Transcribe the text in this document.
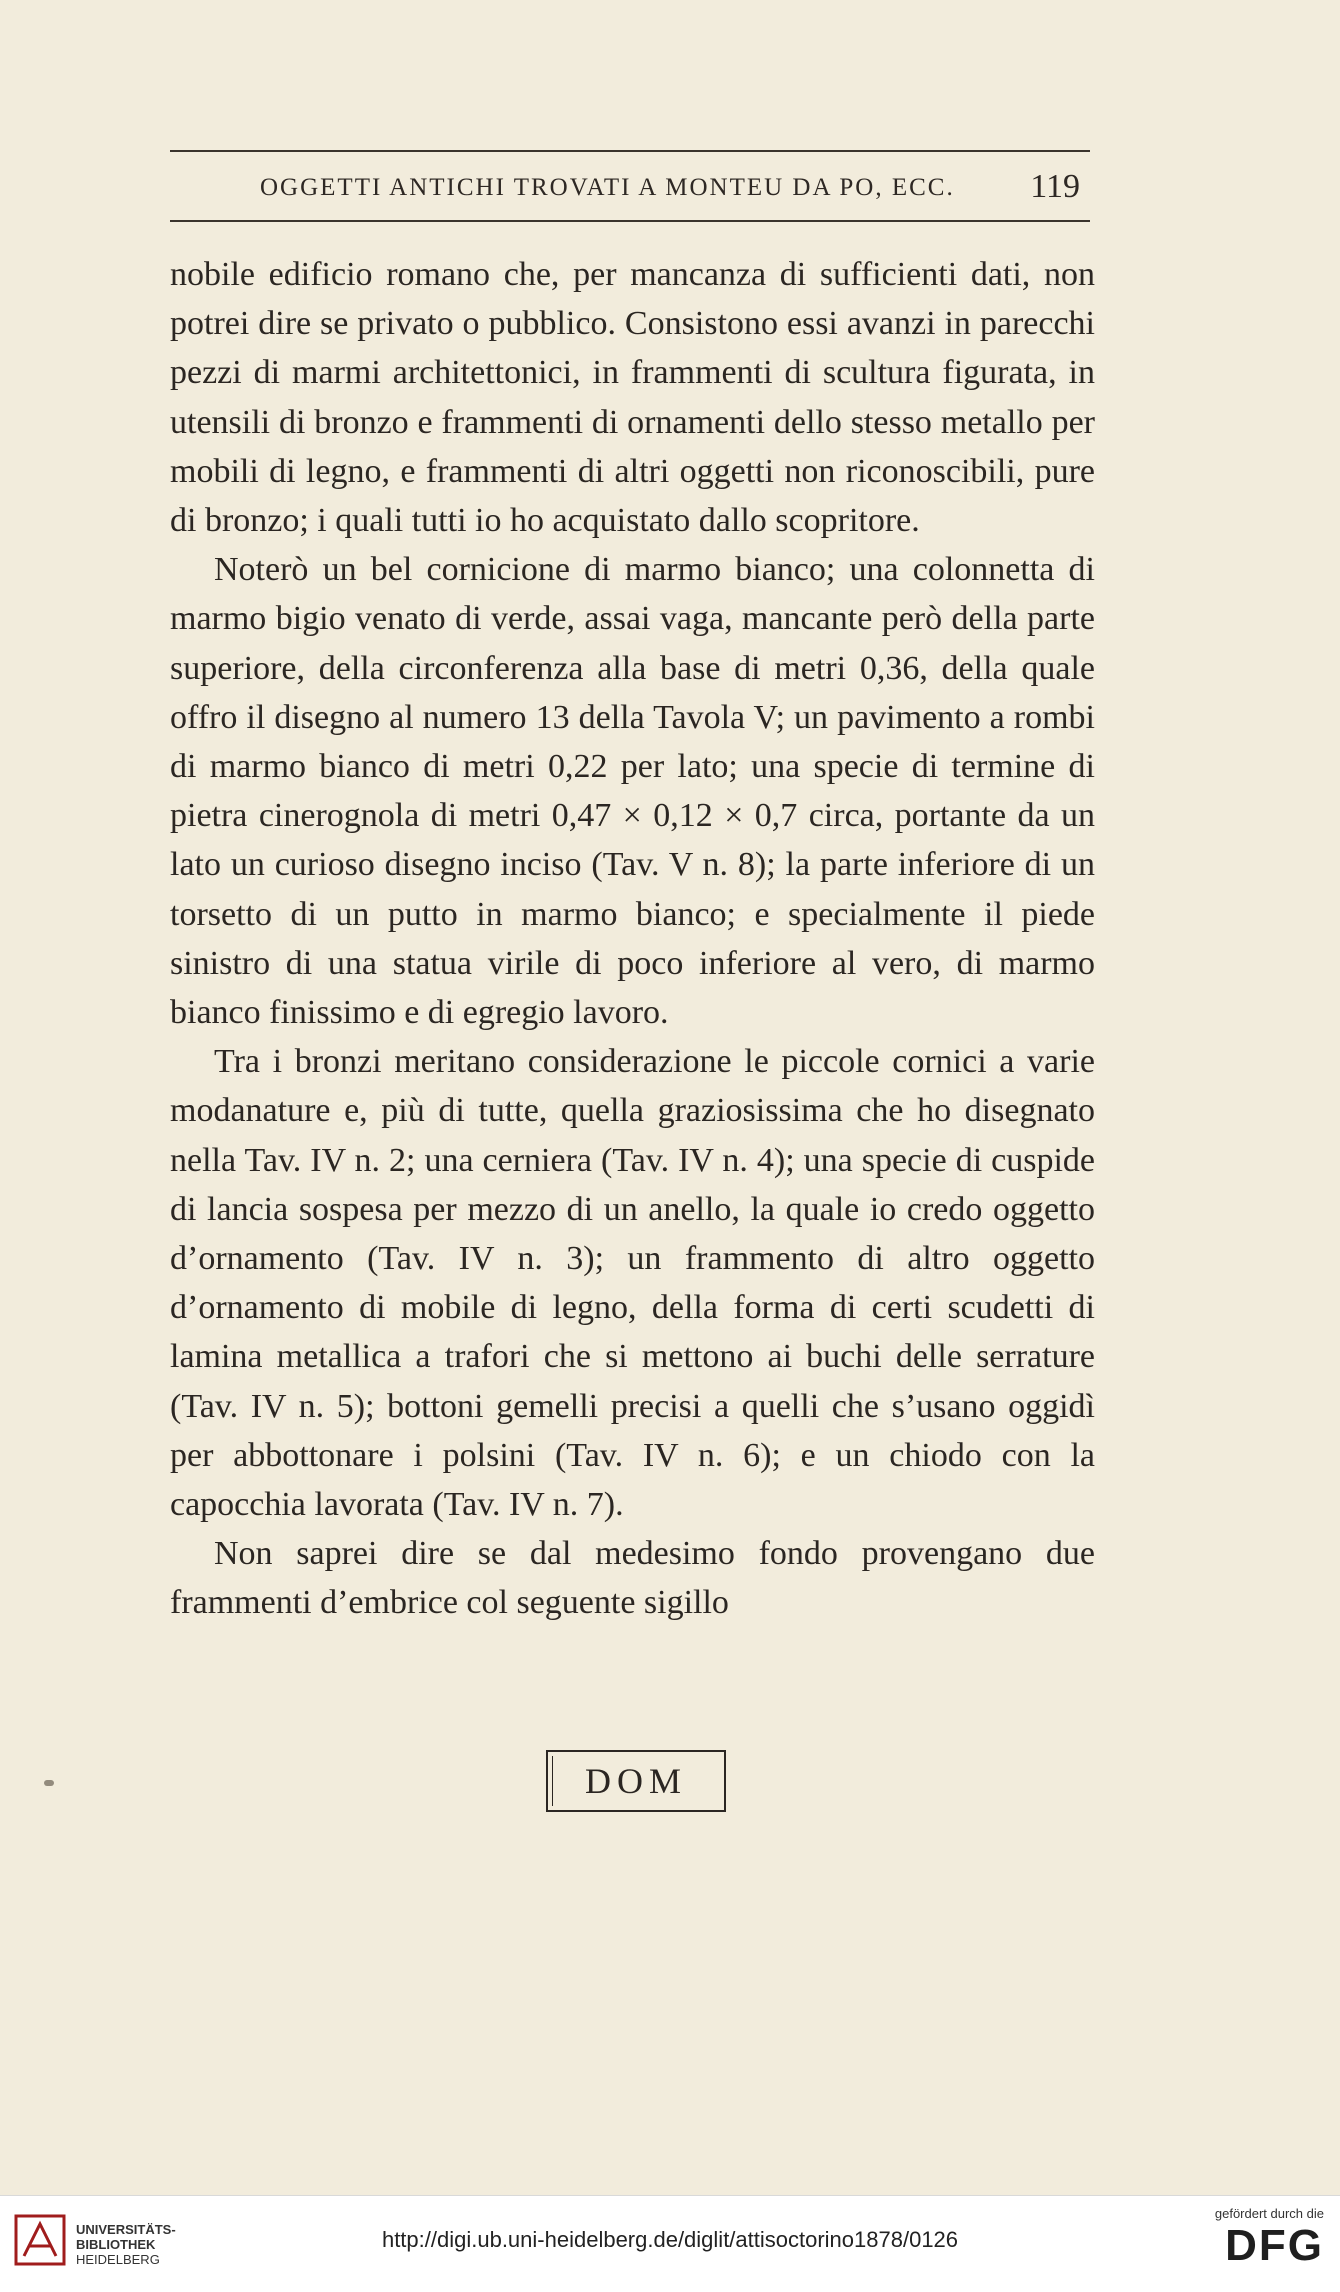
OGGETTI ANTICHI TROVATI A MONTEU DA PO, ECC. 119

nobile edificio romano che, per mancanza di sufficienti dati, non potrei dire se privato o pubblico. Consistono essi avanzi in parecchi pezzi di marmi architettonici, in frammenti di scultura figurata, in utensili di bronzo e frammenti di ornamenti dello stesso metallo per mobili di legno, e frammenti di altri oggetti non riconoscibili, pure di bronzo; i quali tutti io ho acquistato dallo scopritore.

Noterò un bel cornicione di marmo bianco; una colonnetta di marmo bigio venato di verde, assai vaga, mancante però della parte superiore, della circonferenza alla base di metri 0,36, della quale offro il disegno al numero 13 della Tavola V; un pavimento a rombi di marmo bianco di metri 0,22 per lato; una specie di termine di pietra cinerognola di metri 0,47 × 0,12 × 0,7 circa, portante da un lato un curioso disegno inciso (Tav. V n. 8); la parte inferiore di un torsetto di un putto in marmo bianco; e specialmente il piede sinistro di una statua virile di poco inferiore al vero, di marmo bianco finissimo e di egregio lavoro.

Tra i bronzi meritano considerazione le piccole cornici a varie modanature e, più di tutte, quella graziosissima che ho disegnato nella Tav. IV n. 2; una cerniera (Tav. IV n. 4); una specie di cuspide di lancia sospesa per mezzo di un anello, la quale io credo oggetto d’ornamento (Tav. IV n. 3); un frammento di altro oggetto d’ornamento di mobile di legno, della forma di certi scudetti di lamina metallica a trafori che si mettono ai buchi delle serrature (Tav. IV n. 5); bottoni gemelli precisi a quelli che s’usano oggidì per abbottonare i polsini (Tav. IV n. 6); e un chiodo con la capocchia lavorata (Tav. IV n. 7).

Non saprei dire se dal medesimo fondo provengano due frammenti d’embrice col seguente sigillo

DOM
UNIVERSITÄTS-
BIBLIOTHEK
HEIDELBERG
http://digi.ub.uni-heidelberg.de/diglit/attisoctorino1878/0126
gefördert durch die
DFG
